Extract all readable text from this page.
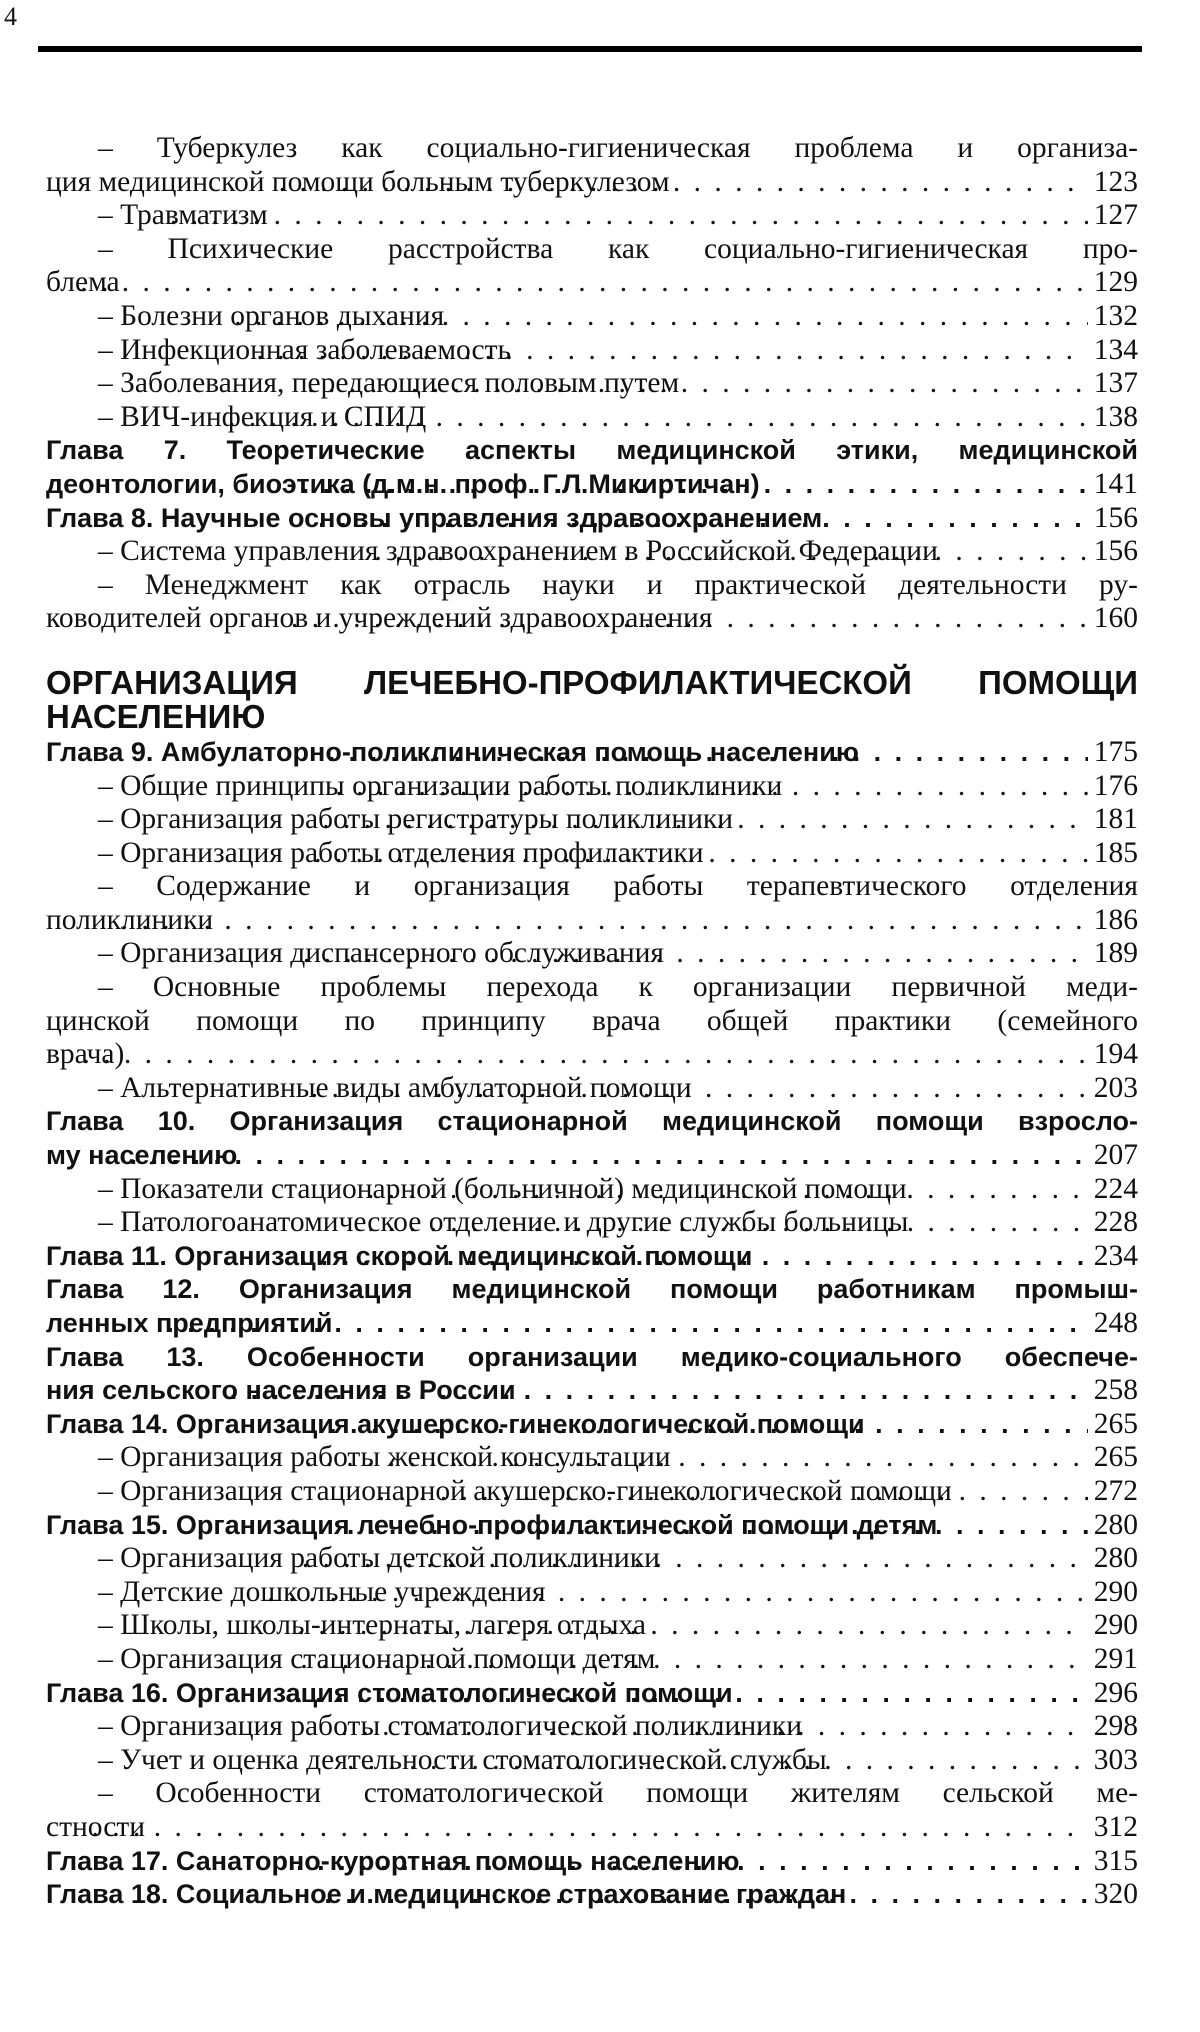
4
– Туберкулез как социально-гигиеническая проблема и организа-
ция медицинской помощи больным туберкулезом . . .	123
– Травматизм . . .	127
– Психические расстройства как социально-гигиеническая про-
блема . . .	129
– Болезни органов дыхания . . .	132
– Инфекционная заболеваемость . . .	134
– Заболевания, передающиеся половым путем . . .	137
– ВИЧ-инфекция и СПИД . . .	138
Глава 7. Теоретические аспекты медицинской этики, медицинской
деонтологии, биоэтика (д.м.н. проф. Г.Л.Микиртичан) . . .	141
Глава 8. Научные основы управления здравоохранением . . .	156
– Система управления здравоохранением в Российской Федерации . . .	156
– Менеджмент как отрасль науки и практической деятельности ру-
ководителей органов и учреждений здравоохранения . . .	160
ОРГАНИЗАЦИЯ ЛЕЧЕБНО-ПРОФИЛАКТИЧЕСКОЙ ПОМОЩИ
НАСЕЛЕНИЮ
Глава 9. Амбулаторно-поликлиническая помощь населению . . .	175
– Общие принципы организации работы поликлиники . . .	176
– Организация работы регистратуры поликлиники . . .	181
– Организация работы отделения профилактики . . .	185
– Содержание и организация работы терапевтического отделения
поликлиники . . .	186
– Организация диспансерного обслуживания . . .	189
– Основные проблемы перехода к организации первичной меди-
цинской помощи по принципу врача общей практики (семейного
врача) . . .	194
– Альтернативные виды амбулаторной помощи . . .	203
Глава 10. Организация стационарной медицинской помощи взросло-
му населению . . .	207
– Показатели стационарной (больничной) медицинской помощи . . .	224
– Патологоанатомическое отделение и другие службы больницы . . .	228
Глава 11. Организация скорой медицинской помощи . . .	234
Глава 12. Организация медицинской помощи работникам промыш-
ленных предприятий . . .	248
Глава 13. Особенности организации медико-социального обеспече-
ния сельского населения в России . . .	258
Глава 14. Организация акушерско-гинекологической помощи . . .	265
– Организация работы женской консультации . . .	265
– Организация стационарной акушерско-гинекологической помощи . . .	272
Глава 15. Организация лечебно-профилактической помощи детям . . .	280
– Организация работы детской поликлиники . . .	280
– Детские дошкольные учреждения . . .	290
– Школы, школы-интернаты, лагеря отдыха . . .	290
– Организация стационарной помощи детям . . .	291
Глава 16. Организация стоматологической помощи . . .	296
– Организация работы стоматологической поликлиники . . .	298
– Учет и оценка деятельности стоматологической службы . . .	303
– Особенности стоматологической помощи жителям сельской ме-
стности . . .	312
Глава 17. Санаторно-курортная помощь населению . . .	315
Глава 18. Социальное и медицинское страхование граждан . . .	320
